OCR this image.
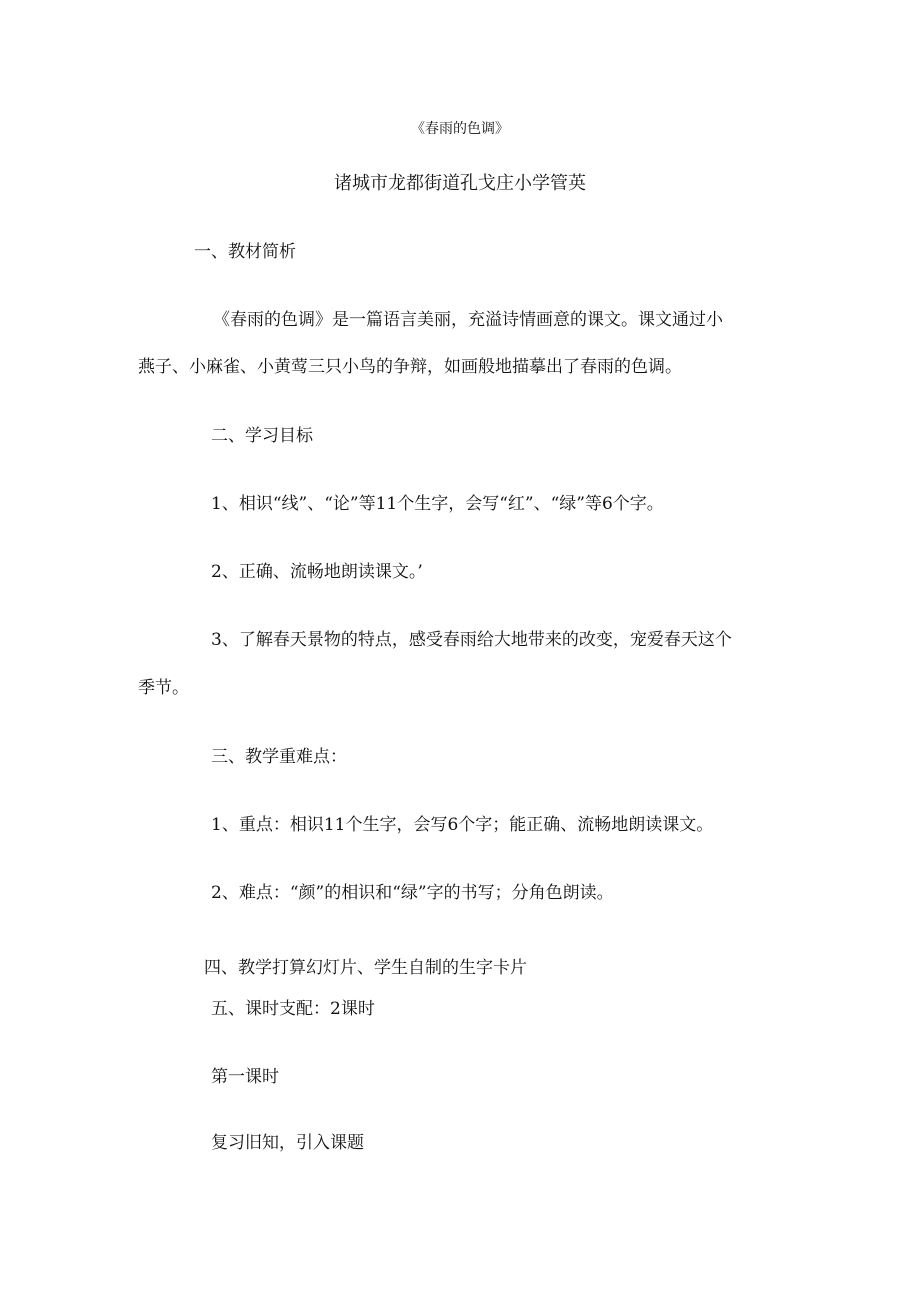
《春雨的色调》
诸城市龙都街道孔戈庄小学管英
一、教材简析
《春雨的色调》是一篇语言美丽，充溢诗情画意的课文。课文通过小
燕子、小麻雀、小黄莺三只小鸟的争辩，如画般地描摹出了春雨的色调。
二、学习目标
1、相识“线”、“论”等11个生字，会写“红”、“绿”等6个字。
2、正确、流畅地朗读课文。’
3、了解春天景物的特点，感受春雨给大地带来的改变，宠爱春天这个
季节。
三、教学重难点：
1、重点：相识11个生字，会写6个字；能正确、流畅地朗读课文。
2、难点：“颜”的相识和“绿”字的书写；分角色朗读。
四、教学打算幻灯片、学生自制的生字卡片
五、课时支配：2课时
第一课时
复习旧知，引入课题
